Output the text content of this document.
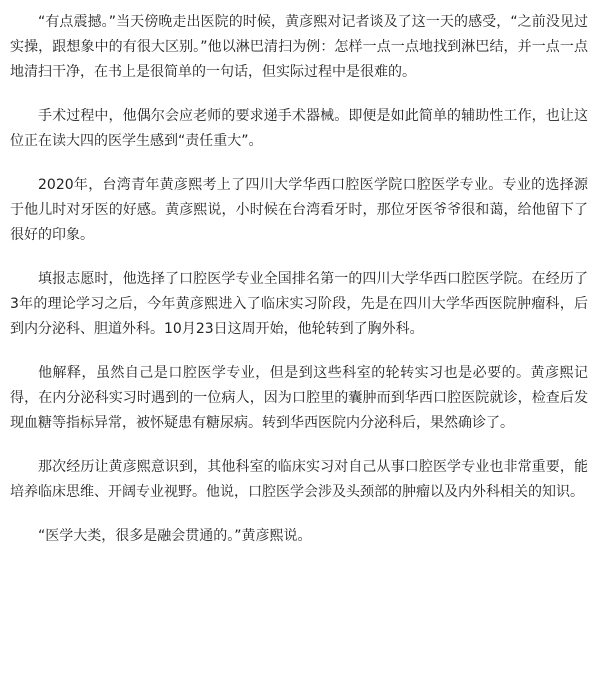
“有点震撼。”当天傍晚走出医院的时候，黄彦熙对记者谈及了这一天的感受，“之前没见过实操，跟想象中的有很大区别。”他以淋巴清扫为例：怎样一点一点地找到淋巴结，并一点一点地清扫干净，在书上是很简单的一句话，但实际过程中是很难的。

手术过程中，他偶尔会应老师的要求递手术器械。即便是如此简单的辅助性工作，也让这位正在读大四的医学生感到“责任重大”。

2020年，台湾青年黄彦熙考上了四川大学华西口腔医学院口腔医学专业。专业的选择源于他儿时对牙医的好感。黄彦熙说，小时候在台湾看牙时，那位牙医爷爷很和蔼，给他留下了很好的印象。

填报志愿时，他选择了口腔医学专业全国排名第一的四川大学华西口腔医学院。在经历了3年的理论学习之后，今年黄彦熙进入了临床实习阶段，先是在四川大学华西医院肿瘤科，后到内分泌科、胆道外科。10月23日这周开始，他轮转到了胸外科。

他解释，虽然自己是口腔医学专业，但是到这些科室的轮转实习也是必要的。黄彦熙记得，在内分泌科实习时遇到的一位病人，因为口腔里的囊肿而到华西口腔医院就诊，检查后发现血糖等指标异常，被怀疑患有糖尿病。转到华西医院内分泌科后，果然确诊了。

那次经历让黄彦熙意识到，其他科室的临床实习对自己从事口腔医学专业也非常重要，能培养临床思维、开阔专业视野。他说，口腔医学会涉及头颈部的肿瘤以及内外科相关的知识。

“医学大类，很多是融会贯通的。”黄彦熙说。
